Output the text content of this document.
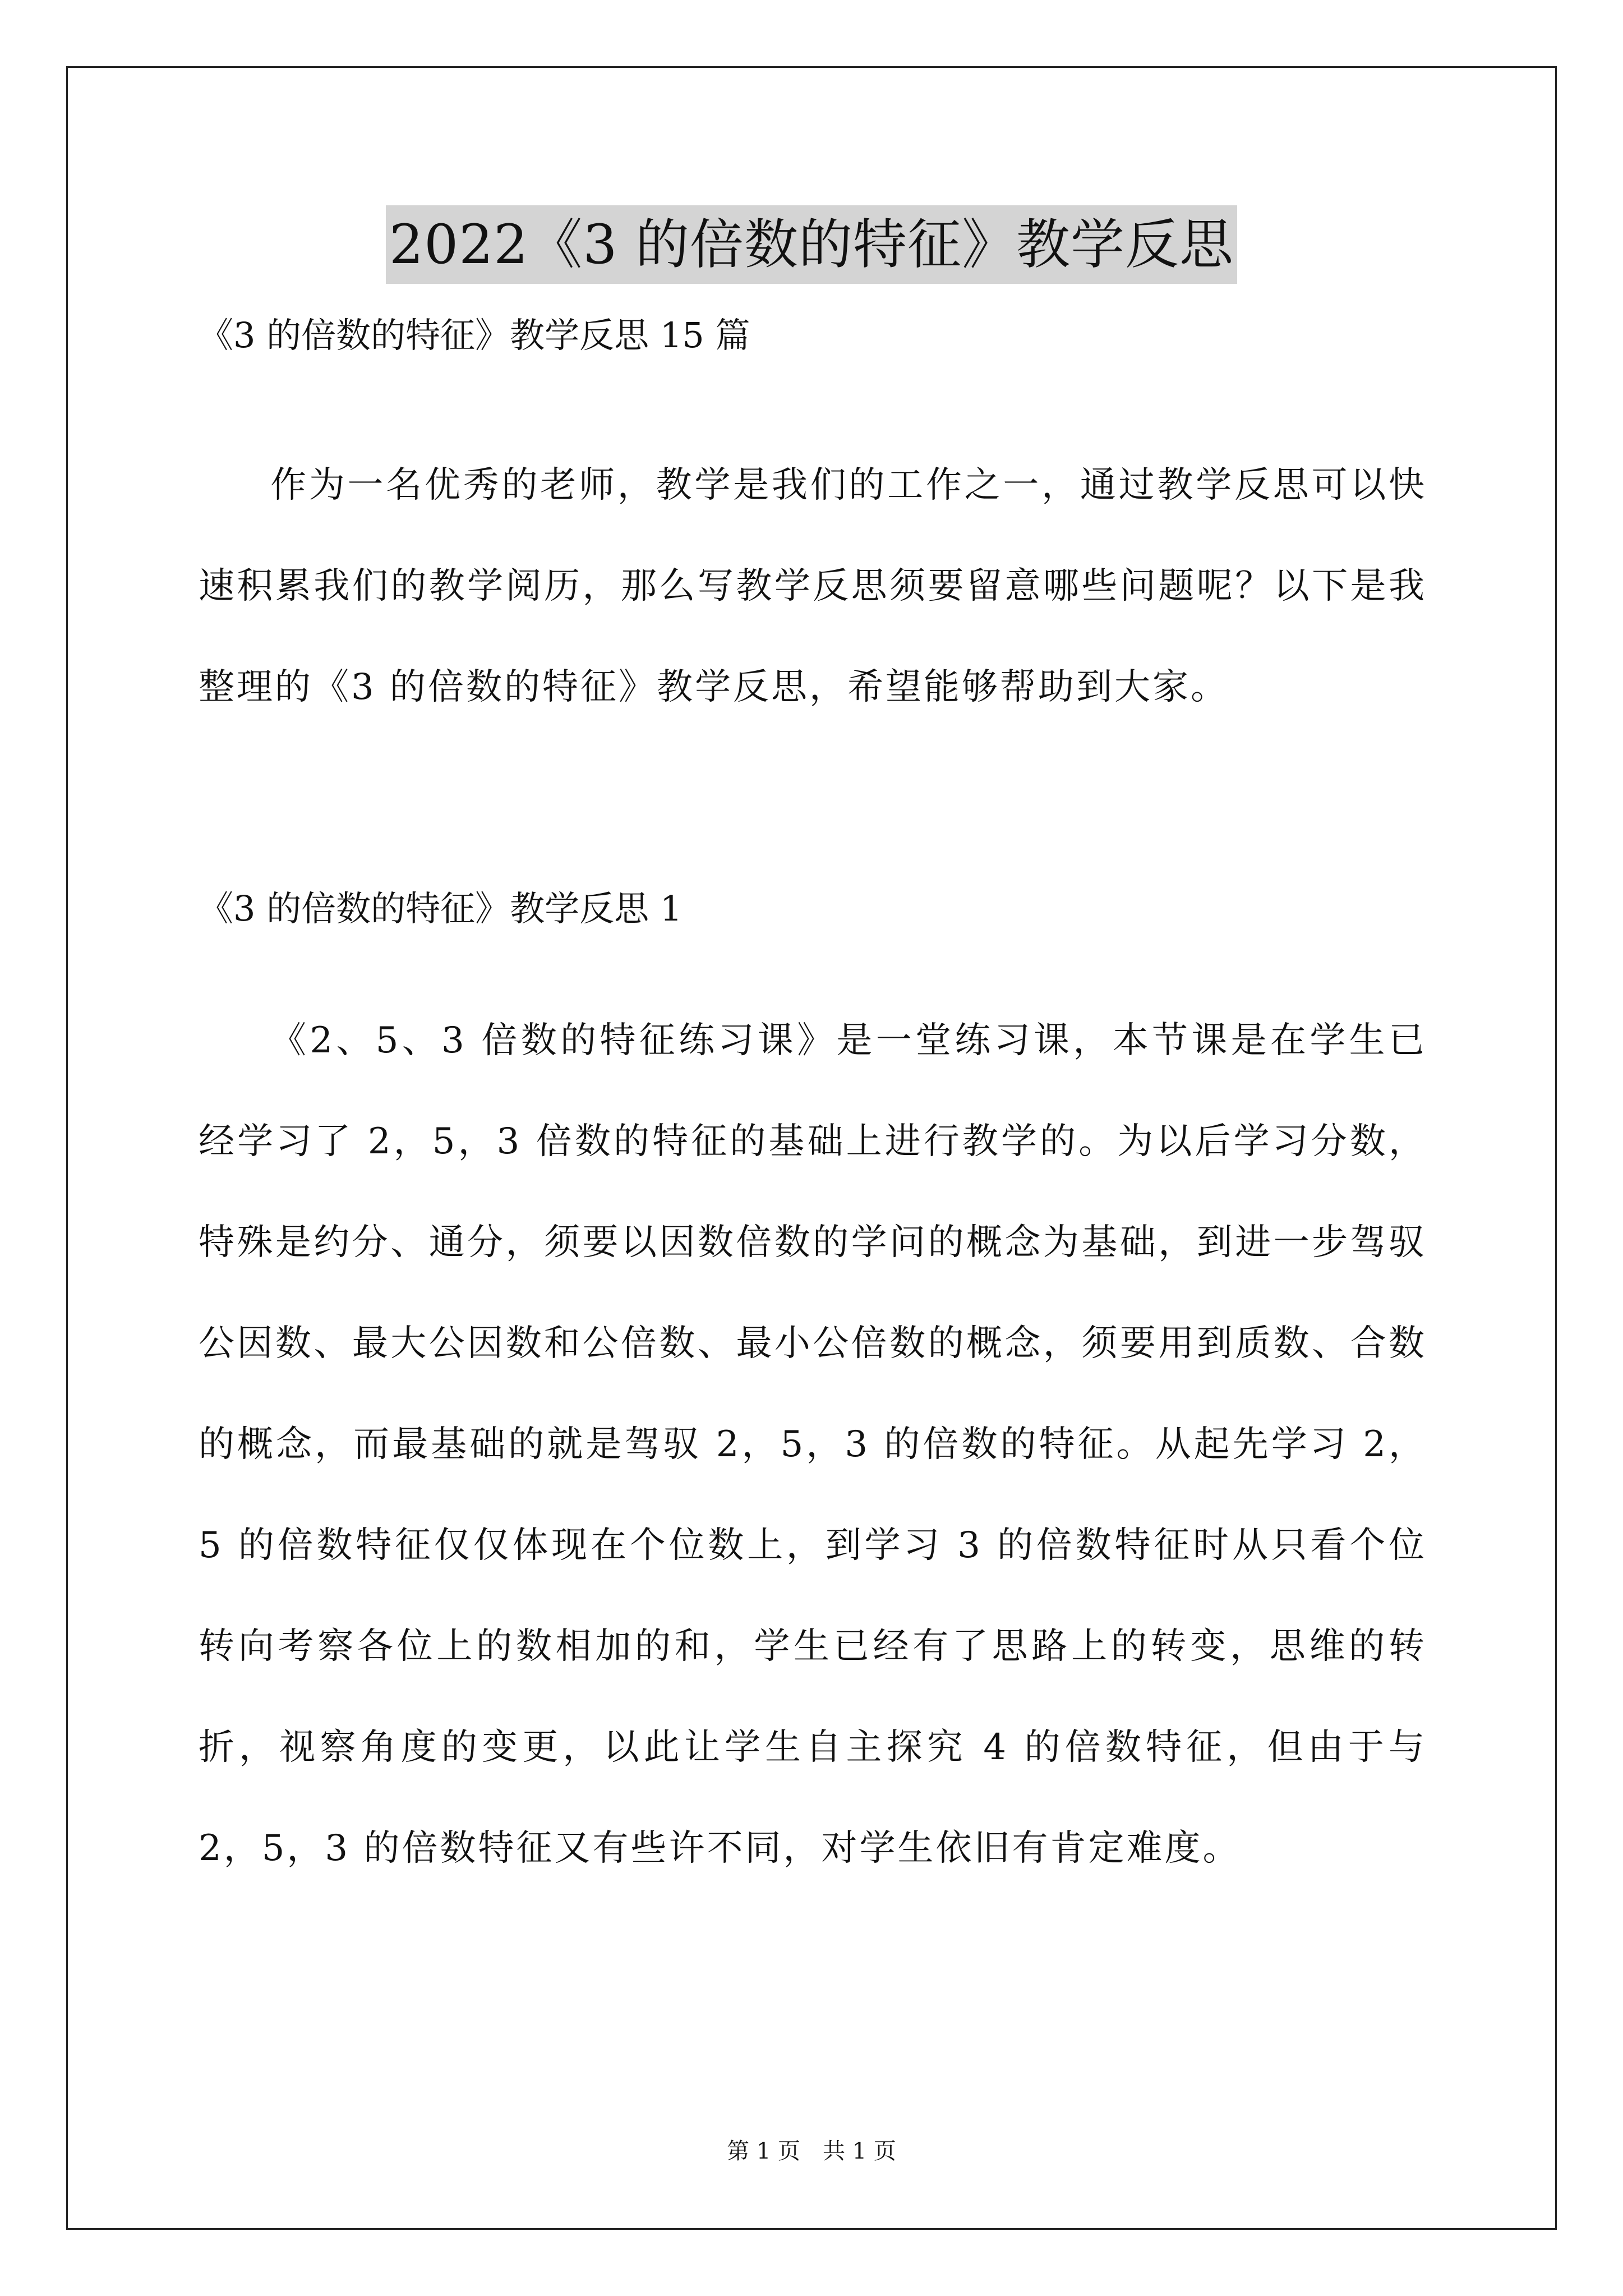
2022《3 的倍数的特征》教学反思
《3 的倍数的特征》教学反思 15 篇
作为一名优秀的老师，教学是我们的工作之一，通过教学反思可以快速积累我们的教学阅历，那么写教学反思须要留意哪些问题呢？以下是我整理的《3 的倍数的特征》教学反思，希望能够帮助到大家。
《3 的倍数的特征》教学反思 1
《2、5、3 倍数的特征练习课》是一堂练习课，本节课是在学生已经学习了 2，5，3 倍数的特征的基础上进行教学的。为以后学习分数，特殊是约分、通分，须要以因数倍数的学问的概念为基础，到进一步驾驭公因数、最大公因数和公倍数、最小公倍数的概念，须要用到质数、合数的概念，而最基础的就是驾驭 2，5，3 的倍数的特征。从起先学习 2，5 的倍数特征仅仅体现在个位数上，到学习 3 的倍数特征时从只看个位转向考察各位上的数相加的和，学生已经有了思路上的转变，思维的转折，视察角度的变更，以此让学生自主探究 4 的倍数特征，但由于与 2，5，3 的倍数特征又有些许不同，对学生依旧有肯定难度。
第 1 页　共 1 页
